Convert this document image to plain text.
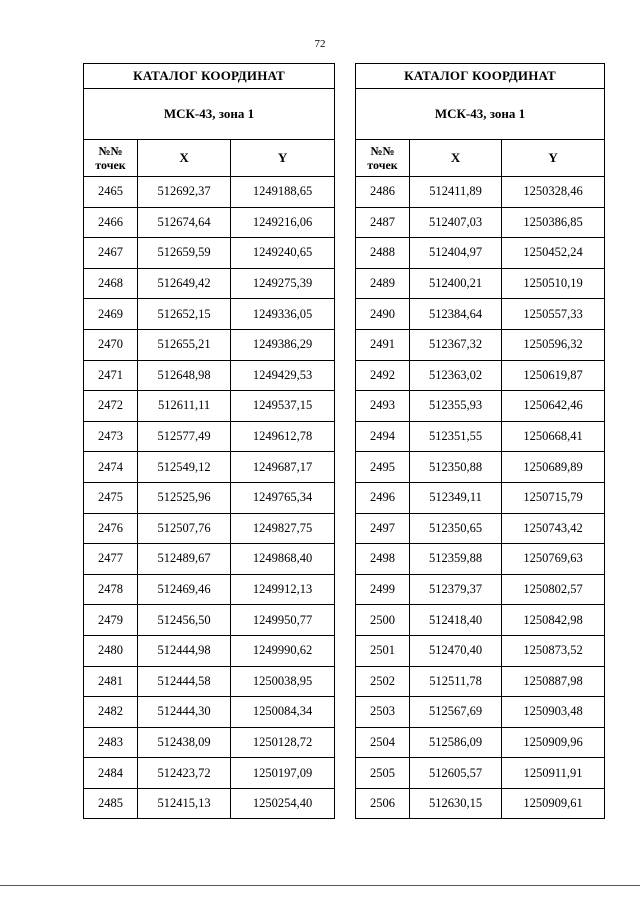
72
КАТАЛОГ КООРДИНАТ		
МСК-43, зона 1		

№№
точек	X	Y
2465	512692,37	1249188,65
2466	512674,64	1249216,06
2467	512659,59	1249240,65
2468	512649,42	1249275,39
2469	512652,15	1249336,05
2470	512655,21	1249386,29
2471	512648,98	1249429,53
2472	512611,11	1249537,15
2473	512577,49	1249612,78
2474	512549,12	1249687,17
2475	512525,96	1249765,34
2476	512507,76	1249827,75
2477	512489,67	1249868,40
2478	512469,46	1249912,13
2479	512456,50	1249950,77
2480	512444,98	1249990,62
2481	512444,58	1250038,95
2482	512444,30	1250084,34
2483	512438,09	1250128,72
2484	512423,72	1250197,09
2485	512415,13	1250254,40
КАТАЛОГ КООРДИНАТ		
МСК-43, зона 1		

№№
точек	X	Y
2486	512411,89	1250328,46
2487	512407,03	1250386,85
2488	512404,97	1250452,24
2489	512400,21	1250510,19
2490	512384,64	1250557,33
2491	512367,32	1250596,32
2492	512363,02	1250619,87
2493	512355,93	1250642,46
2494	512351,55	1250668,41
2495	512350,88	1250689,89
2496	512349,11	1250715,79
2497	512350,65	1250743,42
2498	512359,88	1250769,63
2499	512379,37	1250802,57
2500	512418,40	1250842,98
2501	512470,40	1250873,52
2502	512511,78	1250887,98
2503	512567,69	1250903,48
2504	512586,09	1250909,96
2505	512605,57	1250911,91
2506	512630,15	1250909,61
